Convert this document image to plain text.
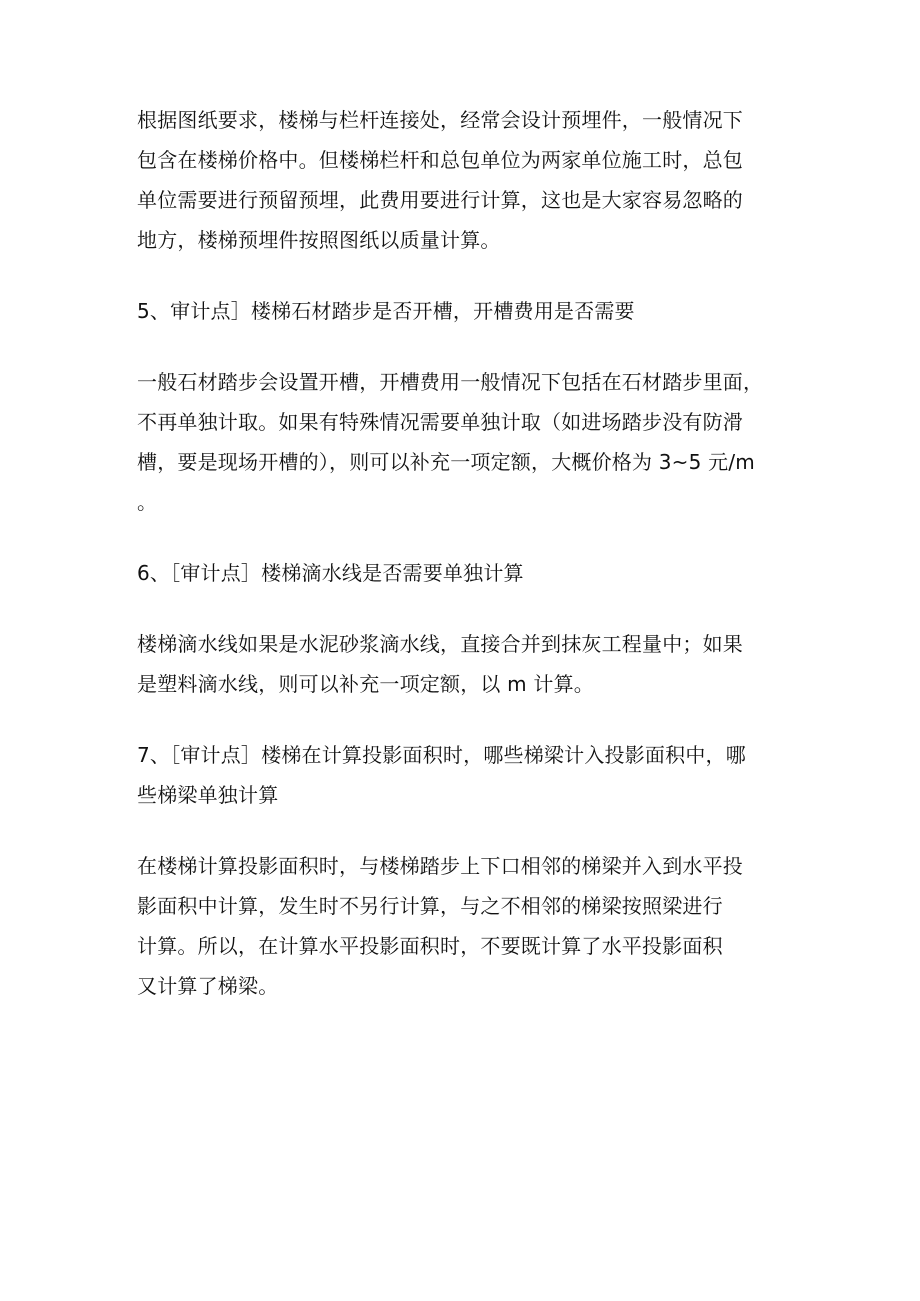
根据图纸要求，楼梯与栏杆连接处，经常会设计预埋件，一般情况下
包含在楼梯价格中。但楼梯栏杆和总包单位为两家单位施工时，总包
单位需要进行预留预埋，此费用要进行计算，这也是大家容易忽略的
地方，楼梯预埋件按照图纸以质量计算。
5、审计点］楼梯石材踏步是否开槽，开槽费用是否需要
一般石材踏步会设置开槽，开槽费用一般情况下包括在石材踏步里面，
不再单独计取。如果有特殊情况需要单独计取（如进场踏步没有防滑
槽，要是现场开槽的），则可以补充一项定额，大概价格为 3~5 元/m
。
6、［审计点］楼梯滴水线是否需要单独计算
楼梯滴水线如果是水泥砂浆滴水线，直接合并到抹灰工程量中；如果
是塑料滴水线，则可以补充一项定额，以 m 计算。
7、［审计点］楼梯在计算投影面积时，哪些梯梁计入投影面积中，哪
些梯梁单独计算
在楼梯计算投影面积时，与楼梯踏步上下口相邻的梯梁并入到水平投
影面积中计算，发生时不另行计算，与之不相邻的梯梁按照梁进行
计算。所以，在计算水平投影面积时，不要既计算了水平投影面积
又计算了梯梁。
